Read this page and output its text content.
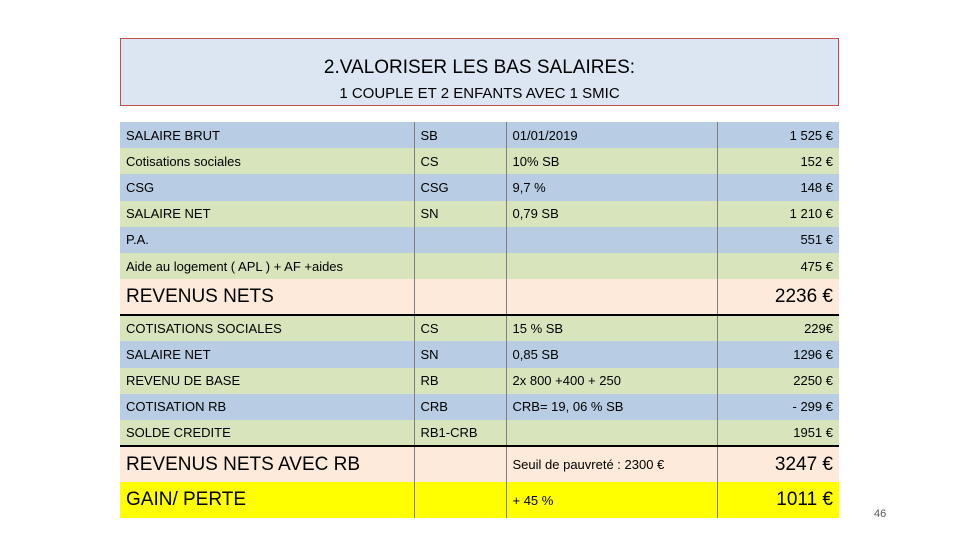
2.VALORISER LES BAS SALAIRES:
1 COUPLE ET 2 ENFANTS AVEC 1 SMIC
SALAIRE BRUT	SB	01/01/2019	1 525 €
Cotisations sociales	CS	10% SB	152 €
CSG	CSG	9,7 %	148 €
SALAIRE NET	SN	0,79 SB	1 210 €
P.A.			551 €
Aide au logement ( APL ) + AF +aides			475 €
REVENUS NETS			2236 €
COTISATIONS SOCIALES	CS	15 % SB	229€
SALAIRE NET	SN	0,85 SB	1296 €
REVENU DE BASE	RB	2x 800 +400 + 250	2250 €
COTISATION RB	CRB	CRB= 19, 06 % SB	- 299 €
SOLDE CREDITE	RB1-CRB		1951 €
REVENUS NETS AVEC RB		Seuil de pauvreté : 2300 €	3247 €
GAIN/ PERTE		+ 45 %	1011 €
46
